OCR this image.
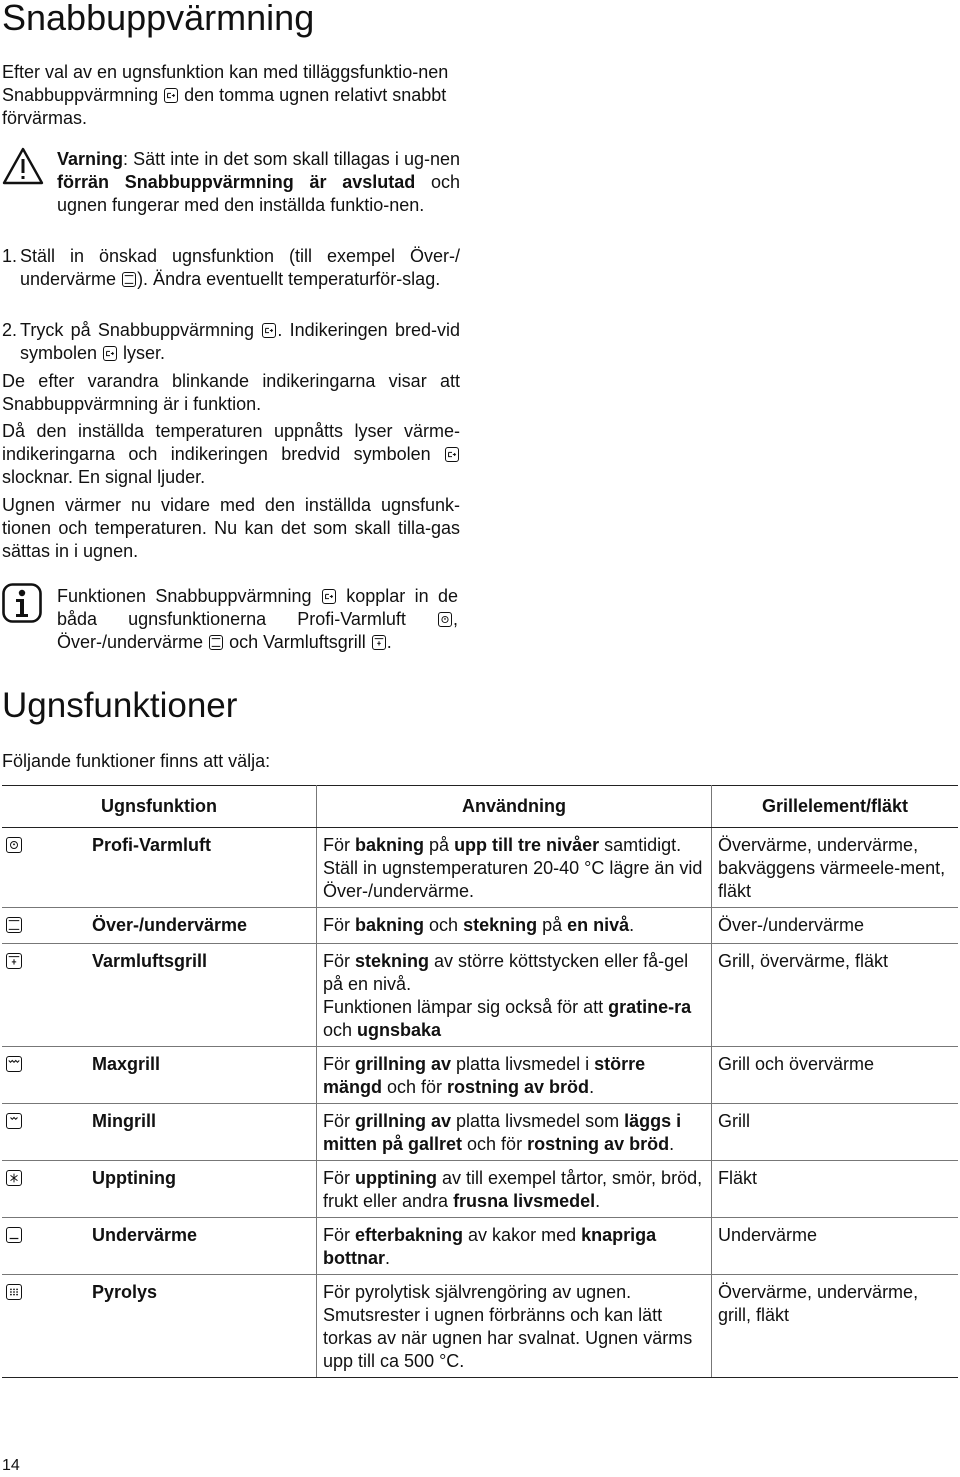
Snabbuppvärmning

Efter val av en ugnsfunktion kan med tilläggsfunktio-nen Snabbuppvärmning
den tomma ugnen relativt snabbt förvärmas.

Varning: Sätt inte in det som skall tillagas i ug-nen förrän Snabbuppvärmning är avslutad och ugnen fungerar med den inställda funktio-nen.

1. Ställ in önskad ugnsfunktion (till exempel Över-/ undervärme
). Ändra eventuellt temperaturför-slag.
2. Tryck på Snabbuppvärmning
. Indikeringen bred-vid symbolen
lyser.

De efter varandra blinkande indikeringarna visar att Snabbuppvärmning är i funktion.

Då den inställda temperaturen uppnåtts lyser värme-indikeringarna och indikeringen bredvid symbolen
slocknar. En signal ljuder.

Ugnen värmer nu vidare med den inställda ugnsfunk-tionen och temperaturen. Nu kan det som skall tilla-gas sättas in i ugnen.

Funktionen Snabbuppvärmning
kopplar in de båda ugnsfunktionerna Profi-Varmluft
, Över-/undervärme
och Varmluftsgrill
.

Ugnsfunktioner

Följande funktioner finns att välja:

Ugnsfunktion		Användning	Grillelement/fläkt

	Profi-Varmluft	För bakning på upp till tre nivåer samtidigt. Ställ in ugnstemperaturen 20-40 °C lägre än vid Över-/undervärme.	Övervärme, undervärme, bakväggens värmeele-ment, fläkt

	Över-/undervärme	För bakning och stekning på en nivå.	Över-/undervärme

	Varmluftsgrill	För stekning av större köttstycken eller få-gel på en nivå.
Funktionen lämpar sig också för att gratine-ra och ugnsbaka	Grill, övervärme, fläkt

	Maxgrill	För grillning av platta livsmedel i större mängd och för rostning av bröd.	Grill och övervärme

	Mingrill	För grillning av platta livsmedel som läggs i mitten på gallret och för rostning av bröd.	Grill

	Upptining	För upptining av till exempel tårtor, smör, bröd, frukt eller andra frusna livsmedel.	Fläkt

	Undervärme	För efterbakning av kakor med knapriga bottnar.	Undervärme

	Pyrolys	För pyrolytisk självrengöring av ugnen. Smutsrester i ugnen förbränns och kan lätt torkas av när ugnen har svalnat. Ugnen värms upp till ca 500 °C.	Övervärme, undervärme, grill, fläkt
14
